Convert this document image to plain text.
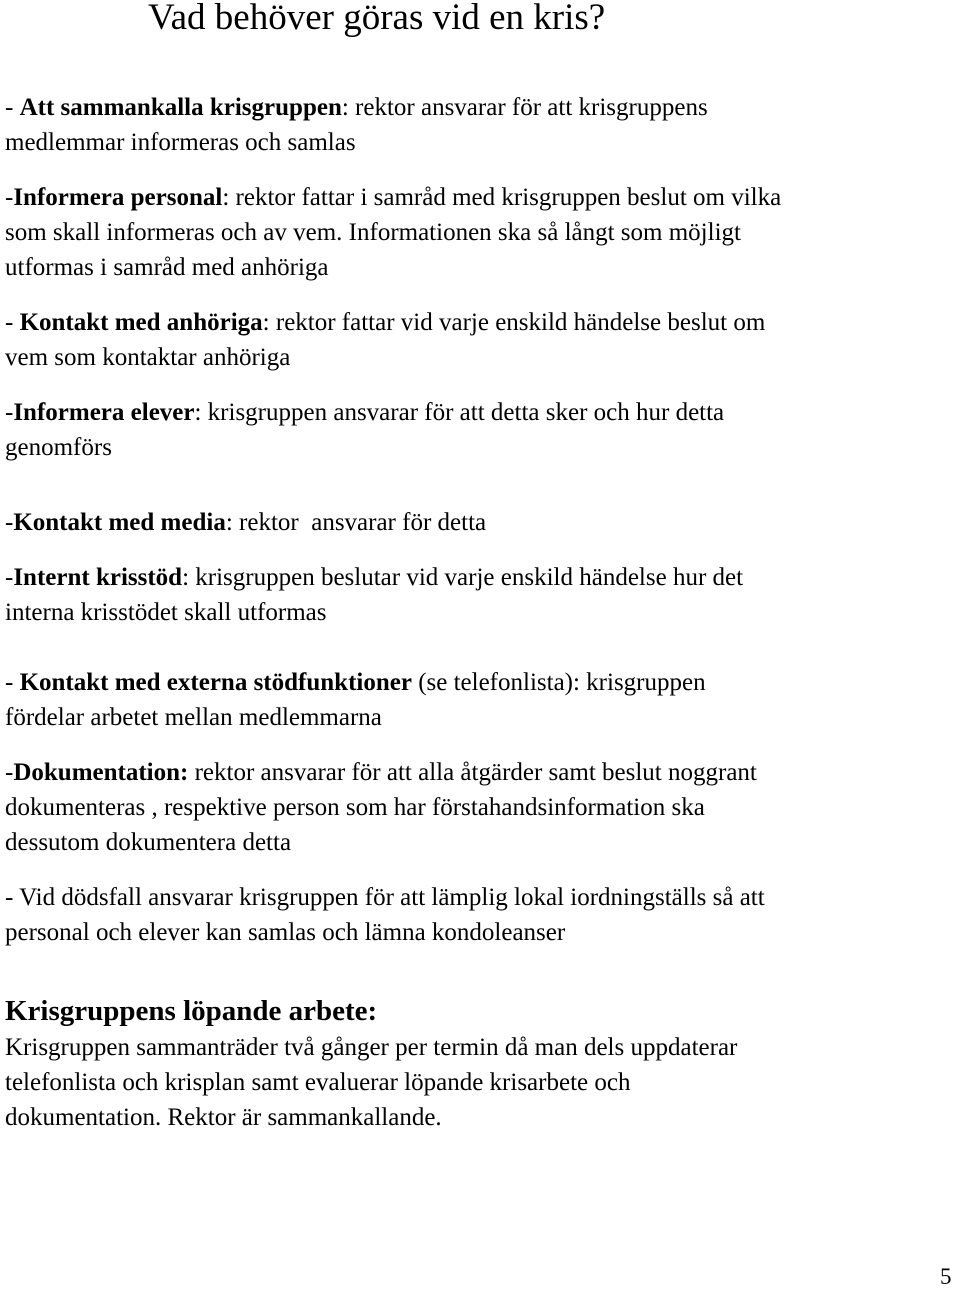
Vad behöver göras vid en kris?
- Att sammankalla krisgruppen: rektor ansvarar för att krisgruppens
medlemmar informeras och samlas
-Informera personal: rektor fattar i samråd med krisgruppen beslut om vilka
som skall informeras och av vem. Informationen ska så långt som möjligt
utformas i samråd med anhöriga
- Kontakt med anhöriga: rektor fattar vid varje enskild händelse beslut om
vem som kontaktar anhöriga
-Informera elever: krisgruppen ansvarar för att detta sker och hur detta
genomförs
-Kontakt med media: rektor  ansvarar för detta
-Internt krisstöd: krisgruppen beslutar vid varje enskild händelse hur det
interna krisstödet skall utformas
- Kontakt med externa stödfunktioner (se telefonlista): krisgruppen
fördelar arbetet mellan medlemmarna
-Dokumentation: rektor ansvarar för att alla åtgärder samt beslut noggrant
dokumenteras , respektive person som har förstahandsinformation ska
dessutom dokumentera detta
- Vid dödsfall ansvarar krisgruppen för att lämplig lokal iordningställs så att
personal och elever kan samlas och lämna kondoleanser
Krisgruppens löpande arbete:
Krisgruppen sammanträder två gånger per termin då man dels uppdaterar
telefonlista och krisplan samt evaluerar löpande krisarbete och
dokumentation. Rektor är sammankallande.
5
